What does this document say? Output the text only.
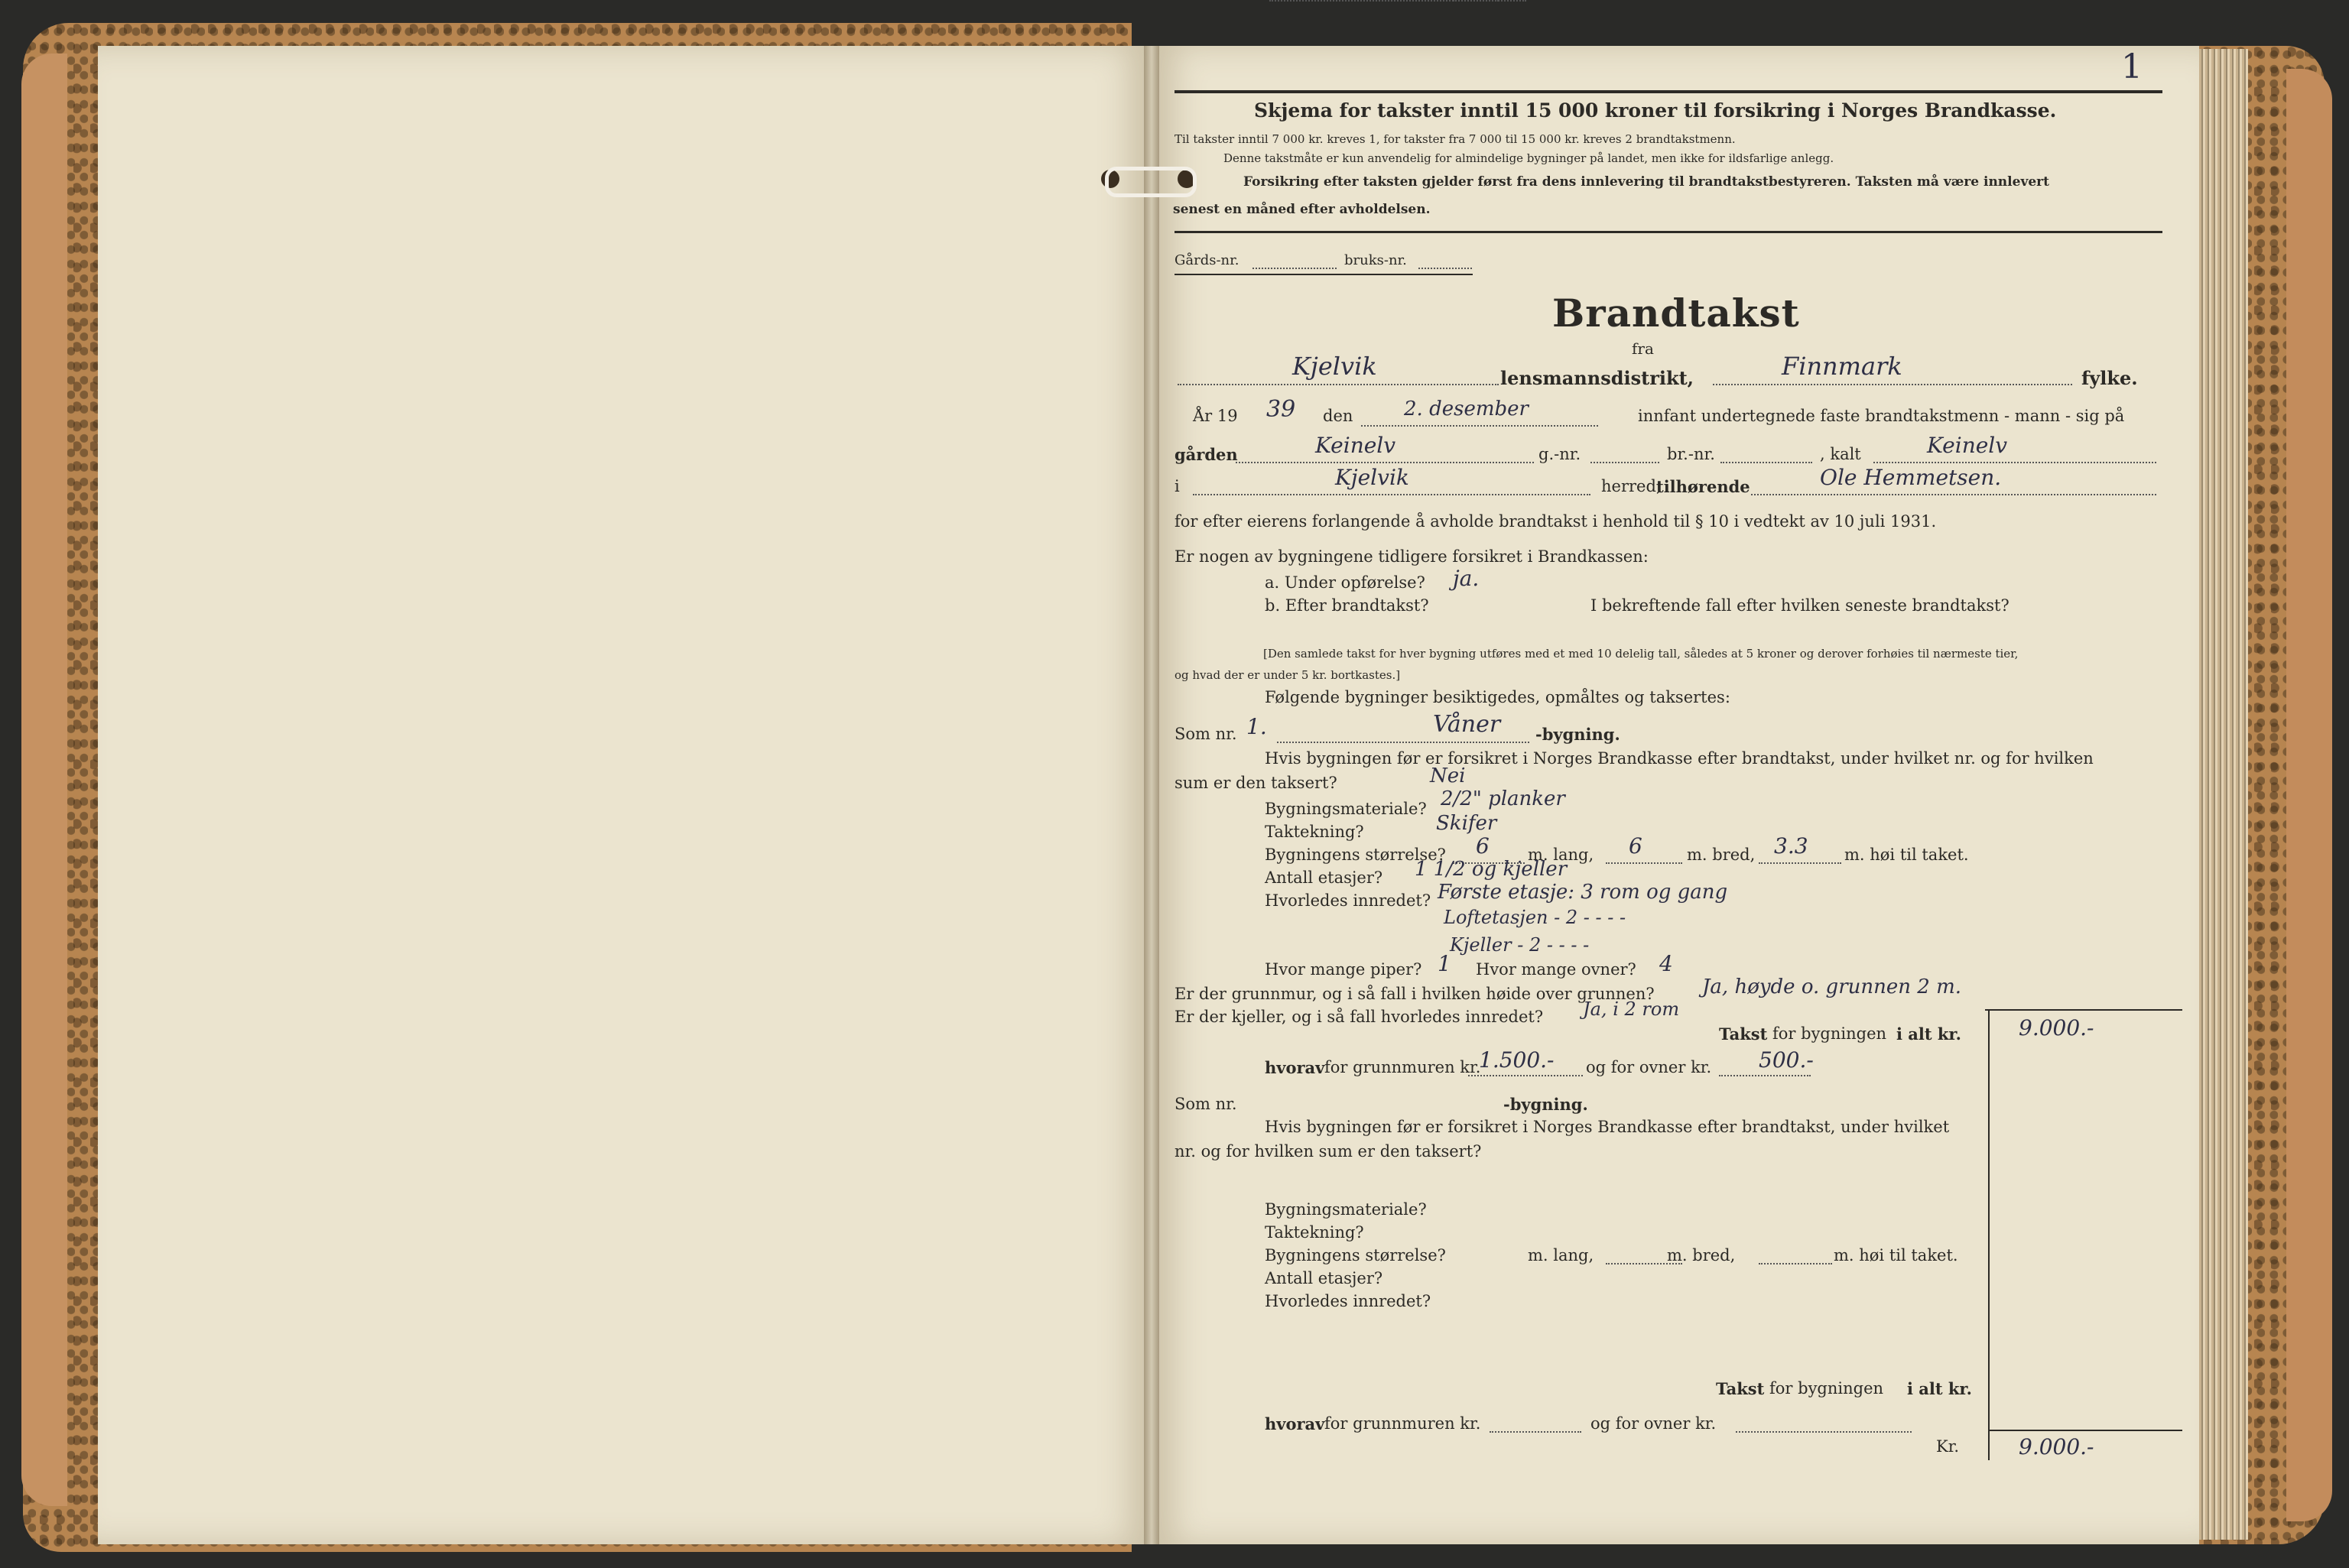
1
Skjema for takster inntil 15 000 kroner til forsikring i Norges Brandkasse.
Til takster inntil 7 000 kr. kreves 1, for takster fra 7 000 til 15 000 kr. kreves 2 brandtakstmenn.
Denne takstmåte er kun anvendelig for almindelige bygninger på landet, men ikke for ildsfarlige anlegg.
Forsikring efter taksten gjelder først fra dens innlevering til brandtakstbestyreren. Taksten må være innlevert
senest en måned efter avholdelsen.
Gårds-nr.	bruks-nr.
Brandtakst
fra
Kjelvik	lensmannsdistrikt,	Finnmark	fylke.
År 19 39 den	2. desember	innfant undertegnede faste brandtakstmenn - mann - sig på
gården	Keinelv	g.-nr.	br.-nr.	, kalt	Keinelv
i	Kjelvik	herred,
tilhørende	Ole Hemmetsen.
for efter eierens forlangende å avholde brandtakst i henhold til § 10 i vedtekt av 10 juli 1931.
Er nogen av bygningene tidligere forsikret i Brandkassen:
a. Under opførelse? ja.
b. Efter brandtakst?	I bekreftende fall efter hvilken seneste brandtakst?
[Den samlede takst for hver bygning utføres med et med 10 delelig tall, således at 5 kroner og derover forhøies til nærmeste tier,
og hvad der er under 5 kr. bortkastes.]
Følgende bygninger besiktigedes, opmåltes og taksertes:
Som nr. 1.	Våner -bygning.
Hvis bygningen før er forsikret i Norges Brandkasse efter brandtakst, under hvilket nr. og for hvilken
sum er den taksert?	Nei
Bygningsmateriale? 2/2" planker
Taktekning?	Skifer
Bygningens størrelse? 6 m. lang, 6	m. bred, 3.3 m. høi til taket.
Antall etasjer? 1 1/2 og kjeller
Hvorledes innredet? Første etasje: 3 rom og gang
Loftetasjen - 2 - - - -
Kjeller - 2 - - - -
Hvor mange piper? 1 Hvor mange ovner? 4
Er der grunnmur, og i så fall i hvilken høide over grunnen? Ja, høyde o. grunnen 2 m.
Er der kjeller, og i så fall hvorledes innredet? Ja, i 2 rom
Takst for bygningen i alt kr.	9.000.-
hvorav for grunnmuren kr.
1.500.- og for ovner kr. 500.-
Som nr.	-bygning.
Hvis bygningen før er forsikret i Norges Brandkasse efter brandtakst, under hvilket
nr. og for hvilken sum er den taksert?
Bygningsmateriale?
Taktekning?
Bygningens størrelse?	m. lang,	m. bred,	m. høi til taket.
Antall etasjer?
Hvorledes innredet?
Takst for bygningen i alt kr.
hvorav for grunnmuren kr.	og for ovner kr.
Kr.	9.000.-
